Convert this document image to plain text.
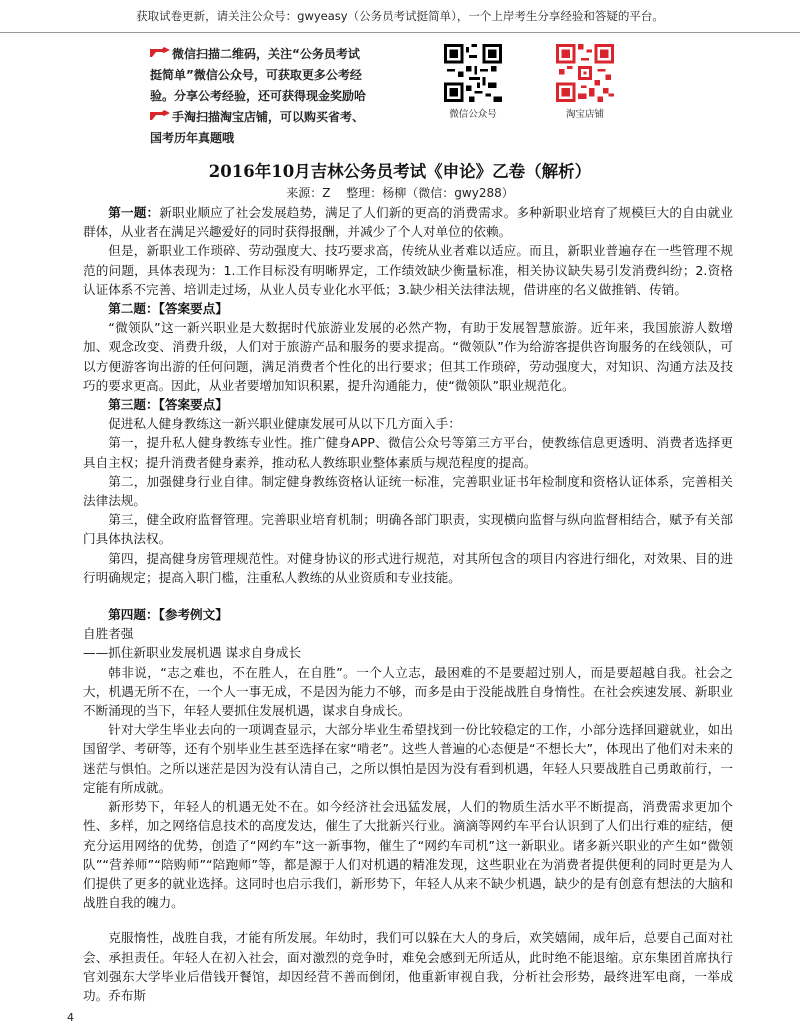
获取试卷更新，请关注公众号：gwyeasy（公务员考试挺简单），一个上岸考生分享经验和答疑的平台。
微信扫描二维码，关注“公务员考试
挺简单”微信公众号，可获取更多公考经
验。分享公考经验，还可获得现金奖励哈
手淘扫描淘宝店铺，可以购买省考、
国考历年真题哦
微信公众号	淘宝店铺
2016年10月吉林公务员考试《申论》乙卷（解析）
来源：Z　 整理：杨柳（微信：gwy288）

第一题：新职业顺应了社会发展趋势，满足了人们新的更高的消费需求。多种新职业培育了规模巨大的自由就业群体，从业者在满足兴趣爱好的同时获得报酬，并减少了个人对单位的依赖。

但是，新职业工作琐碎、劳动强度大、技巧要求高，传统从业者难以适应。而且，新职业普遍存在一些管理不规范的问题，具体表现为：1.工作目标没有明晰界定，工作绩效缺少衡量标准，相关协议缺失易引发消费纠纷；2.资格认证体系不完善、培训走过场，从业人员专业化水平低；3.缺少相关法律法规，借讲座的名义做推销、传销。

第二题：【答案要点】

“微领队”这一新兴职业是大数据时代旅游业发展的必然产物，有助于发展智慧旅游。近年来，我国旅游人数增加、观念改变、消费升级，人们对于旅游产品和服务的要求提高。“微领队”作为给游客提供咨询服务的在线领队，可以方便游客询出游的任何问题，满足消费者个性化的出行要求；但其工作琐碎，劳动强度大，对知识、沟通方法及技巧的要求更高。因此，从业者要增加知识积累，提升沟通能力，使“微领队”职业规范化。

第三题：【答案要点】

促进私人健身教练这一新兴职业健康发展可从以下几方面入手：

第一，提升私人健身教练专业性。推广健身APP、微信公众号等第三方平台，使教练信息更透明、消费者选择更具自主权；提升消费者健身素养，推动私人教练职业整体素质与规范程度的提高。

第二，加强健身行业自律。制定健身教练资格认证统一标准，完善职业证书年检制度和资格认证体系，完善相关法律法规。

第三，健全政府监督管理。完善职业培育机制；明确各部门职责，实现横向监督与纵向监督相结合，赋予有关部门具体执法权。

第四，提高健身房管理规范性。对健身协议的形式进行规范，对其所包含的项目内容进行细化，对效果、目的进行明确规定；提高入职门槛，注重私人教练的从业资质和专业技能。

第四题：【参考例文】

自胜者强

——抓住新职业发展机遇 谋求自身成长

韩非说，“志之难也，不在胜人，在自胜”。一个人立志，最困难的不是要超过别人，而是要超越自我。社会之大，机遇无所不在，一个人一事无成，不是因为能力不够，而多是由于没能战胜自身惰性。在社会疾速发展、新职业不断涌现的当下，年轻人要抓住发展机遇，谋求自身成长。

针对大学生毕业去向的一项调查显示，大部分毕业生希望找到一份比较稳定的工作，小部分选择回避就业，如出国留学、考研等，还有个别毕业生甚至选择在家“啃老”。这些人普遍的心态便是“不想长大”，体现出了他们对未来的迷茫与惧怕。之所以迷茫是因为没有认清自己，之所以惧怕是因为没有看到机遇，年轻人只要战胜自己勇敢前行，一定能有所成就。

新形势下，年轻人的机遇无处不在。如今经济社会迅猛发展，人们的物质生活水平不断提高，消费需求更加个性、多样，加之网络信息技术的高度发达，催生了大批新兴行业。滴滴等网约车平台认识到了人们出行难的症结，便充分运用网络的优势，创造了“网约车”这一新事物，催生了“网约车司机”这一新职业。诸多新兴职业的产生如“微领队”“营养师”“陪购师”“陪跑师”等，都是源于人们对机遇的精准发现，这些职业在为消费者提供便利的同时更是为人们提供了更多的就业选择。这同时也启示我们，新形势下，年轻人从来不缺少机遇，缺少的是有创意有想法的大脑和战胜自我的魄力。

克服惰性，战胜自我，才能有所发展。年幼时，我们可以躲在大人的身后，欢笑嬉闹，成年后，总要自己面对社会、承担责任。年轻人在初入社会，面对激烈的竞争时，难免会感到无所适从，此时绝不能退缩。京东集团首席执行官刘强东大学毕业后借钱开餐馆，却因经营不善而倒闭，他重新审视自我，分析社会形势，最终进军电商，一举成功。乔布斯

4
